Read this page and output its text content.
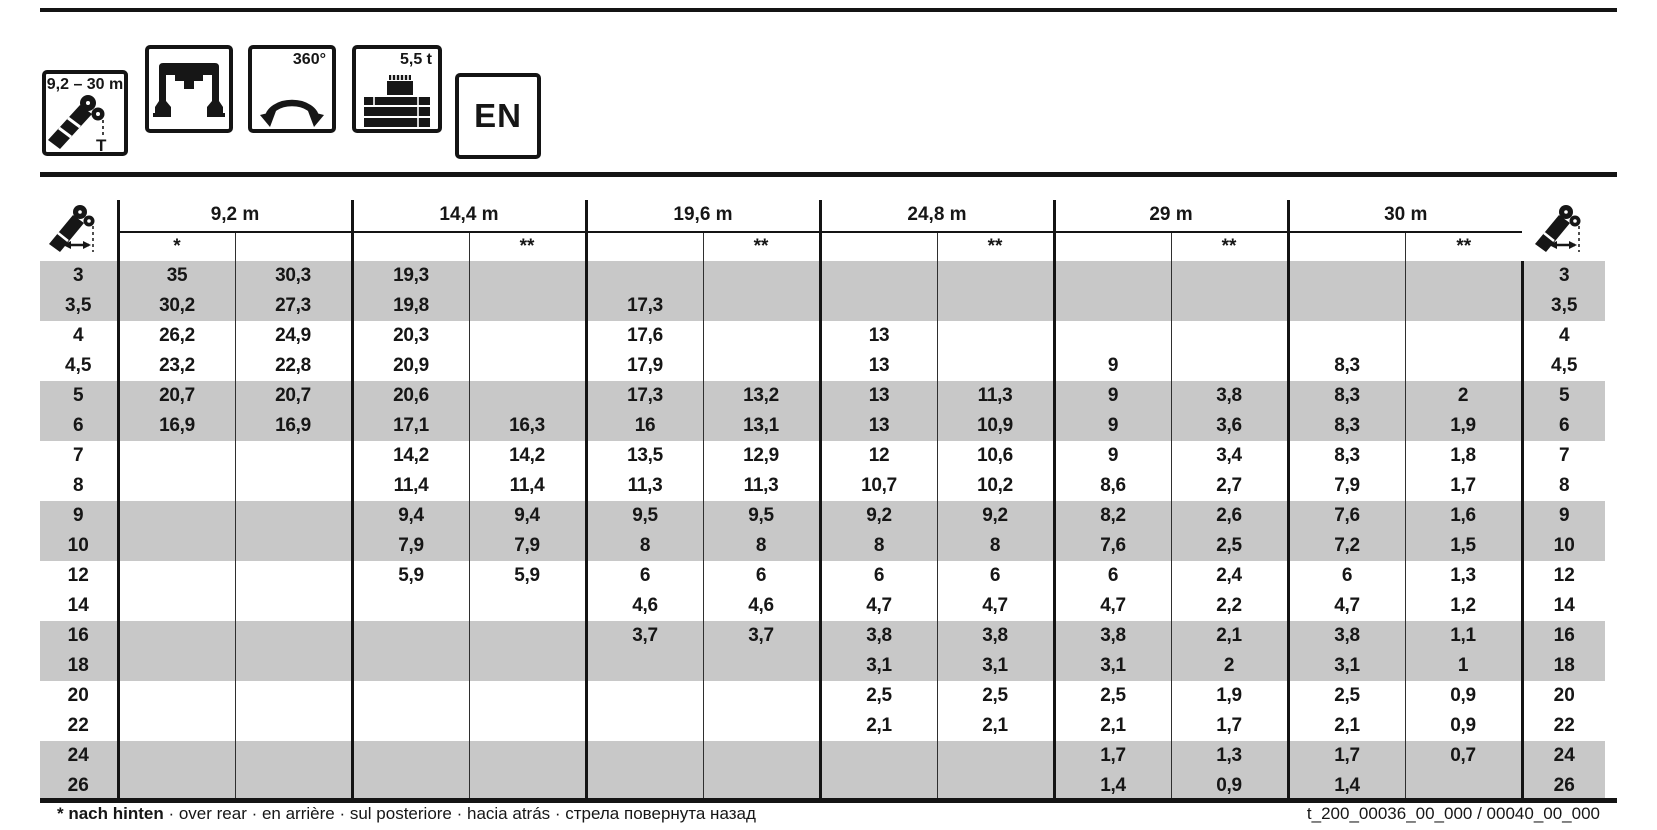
9,2 – 30 m
T
360°	5,5 t
EN
	9,2 m		14,4 m		19,6 m		24,8 m		29 m		30 m	
	*			**		**		**		**		**	
3	35	30,3	19,3										3
3,5	30,2	27,3	19,8		17,3								3,5
4	26,2	24,9	20,3		17,6		13						4
4,5	23,2	22,8	20,9		17,9		13		9		8,3		4,5
5	20,7	20,7	20,6		17,3	13,2	13	11,3	9	3,8	8,3	2	5
6	16,9	16,9	17,1	16,3	16	13,1	13	10,9	9	3,6	8,3	1,9	6
7			14,2	14,2	13,5	12,9	12	10,6	9	3,4	8,3	1,8	7
8			11,4	11,4	11,3	11,3	10,7	10,2	8,6	2,7	7,9	1,7	8
9			9,4	9,4	9,5	9,5	9,2	9,2	8,2	2,6	7,6	1,6	9
10			7,9	7,9	8	8	8	8	7,6	2,5	7,2	1,5	10
12			5,9	5,9	6	6	6	6	6	2,4	6	1,3	12
14					4,6	4,6	4,7	4,7	4,7	2,2	4,7	1,2	14
16					3,7	3,7	3,8	3,8	3,8	2,1	3,8	1,1	16
18							3,1	3,1	3,1	2	3,1	1	18
20							2,5	2,5	2,5	1,9	2,5	0,9	20
22							2,1	2,1	2,1	1,7	2,1	0,9	22
24									1,7	1,3	1,7	0,7	24
26									1,4	0,9	1,4		26
* nach hinten · over rear · en arrière · sul posteriore · hacia atrás · стрела повернута назад	t_200_00036_00_000 / 00040_00_000
